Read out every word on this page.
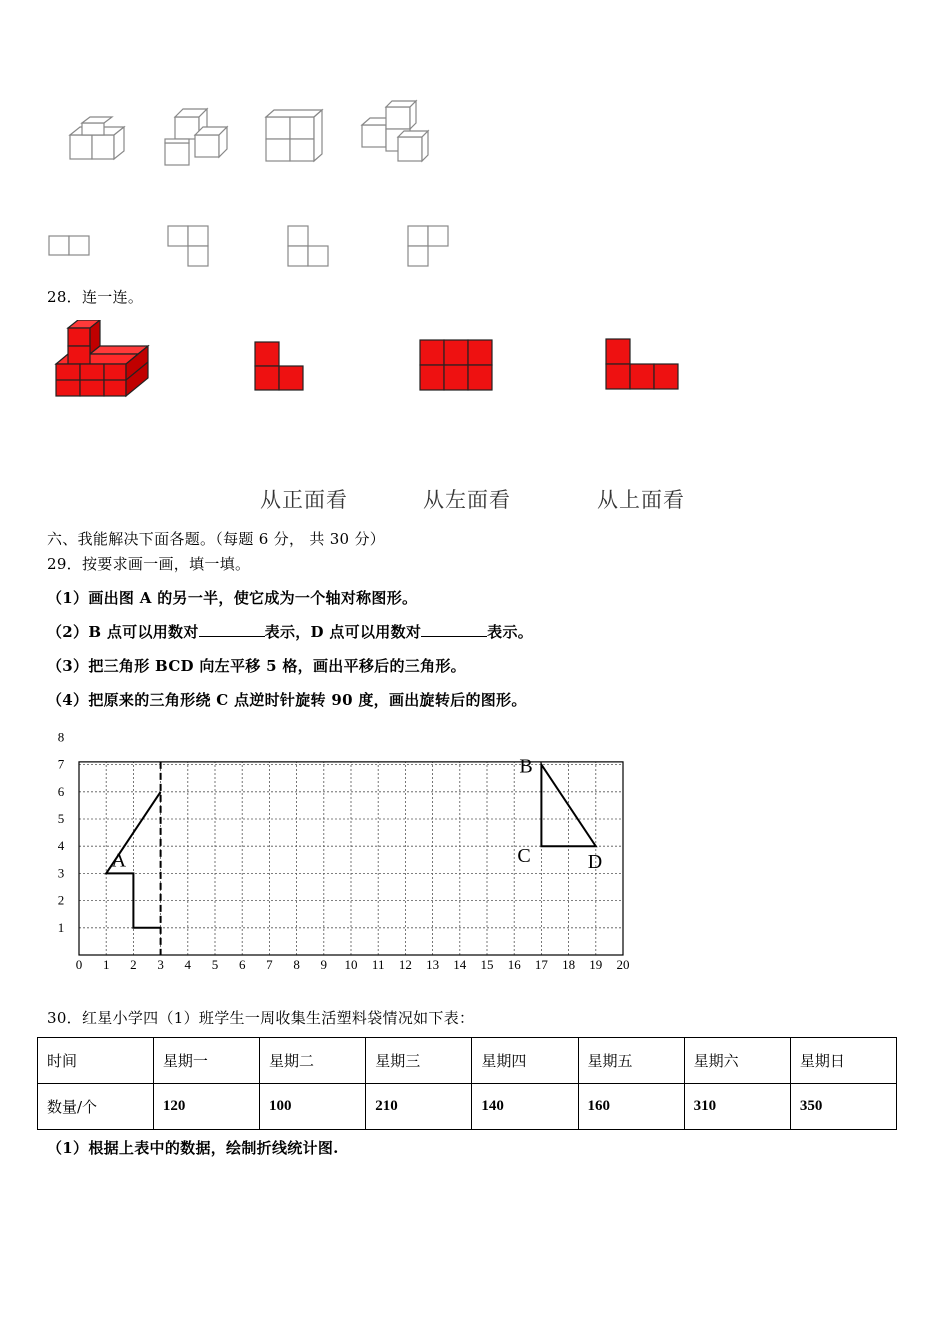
28．连一连。
从正面看	从左面看	从上面看
六、我能解决下面各题。（每题 6 分， 共 30 分）
29．按要求画一画，填一填。
（1）画出图 A 的另一半，使它成为一个轴对称图形。
（2）B 点可以用数对	表示，D 点可以用数对	表示。
（3）把三角形 BCD 向左平移 5 格，画出平移后的三角形。
（4）把原来的三角形绕 C 点逆时针旋转 90 度，画出旋转后的图形。
0 1 2 3 4 5 6 7 8 9 10 11 12 13 14 15 16 17 18 19 20
1
2
3
4
5
6
7
8
A
B
C	D
30．红星小学四（1）班学生一周收集生活塑料袋情况如下表：
时间	星期一	星期二	星期三	星期四	星期五	星期六	星期日
数量/个	120	100	210	140	160	310	350
（1）根据上表中的数据，绘制折线统计图.
